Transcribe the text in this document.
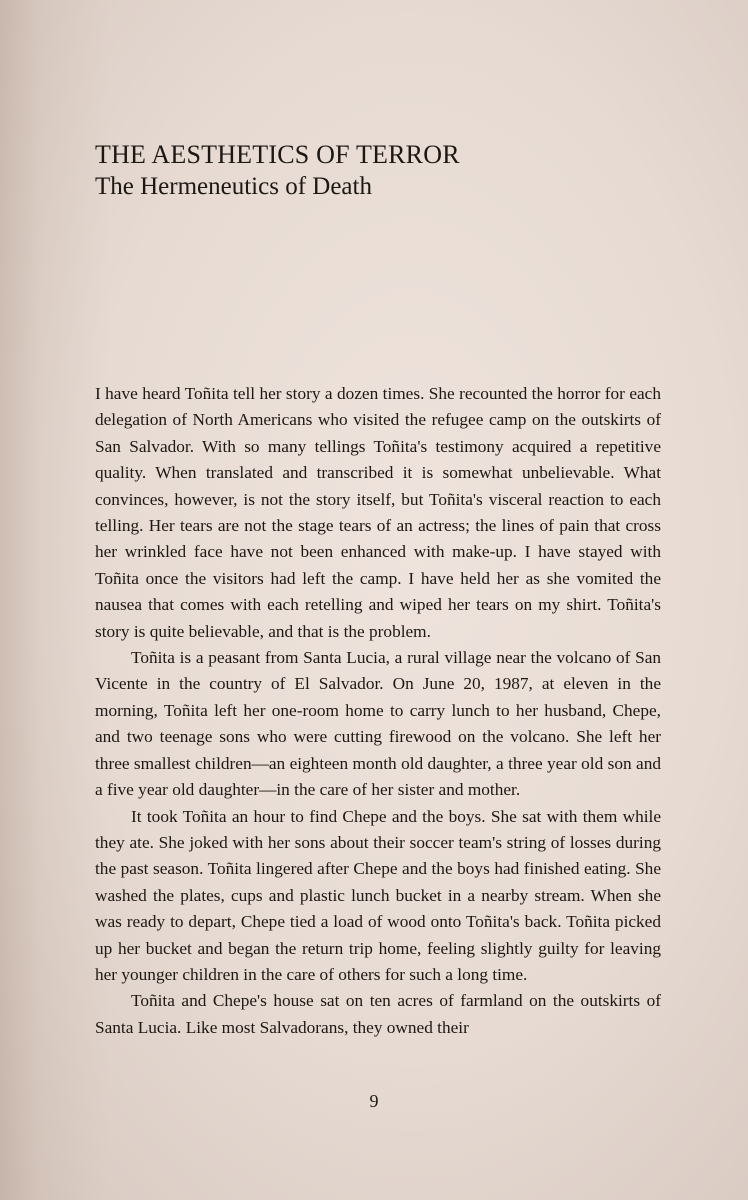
THE AESTHETICS OF TERROR
The Hermeneutics of Death

I have heard Toñita tell her story a dozen times. She recounted the horror for each delegation of North Americans who visited the refugee camp on the outskirts of San Salvador. With so many tellings Toñita's testimony acquired a repetitive quality. When translated and transcribed it is somewhat unbelievable. What convinces, however, is not the story itself, but Toñita's visceral reaction to each telling. Her tears are not the stage tears of an actress; the lines of pain that cross her wrinkled face have not been enhanced with make-up. I have stayed with Toñita once the visitors had left the camp. I have held her as she vomited the nausea that comes with each retelling and wiped her tears on my shirt. Toñita's story is quite believable, and that is the problem.

Toñita is a peasant from Santa Lucia, a rural village near the volcano of San Vicente in the country of El Salvador. On June 20, 1987, at eleven in the morning, Toñita left her one-room home to carry lunch to her husband, Chepe, and two teenage sons who were cutting firewood on the volcano. She left her three smallest children—an eighteen month old daughter, a three year old son and a five year old daughter—in the care of her sister and mother.

It took Toñita an hour to find Chepe and the boys. She sat with them while they ate. She joked with her sons about their soccer team's string of losses during the past season. Toñita lingered after Chepe and the boys had finished eating. She washed the plates, cups and plastic lunch bucket in a nearby stream. When she was ready to depart, Chepe tied a load of wood onto Toñita's back. Toñita picked up her bucket and began the return trip home, feeling slightly guilty for leaving her younger children in the care of others for such a long time.

Toñita and Chepe's house sat on ten acres of farmland on the outskirts of Santa Lucia. Like most Salvadorans, they owned their

9
